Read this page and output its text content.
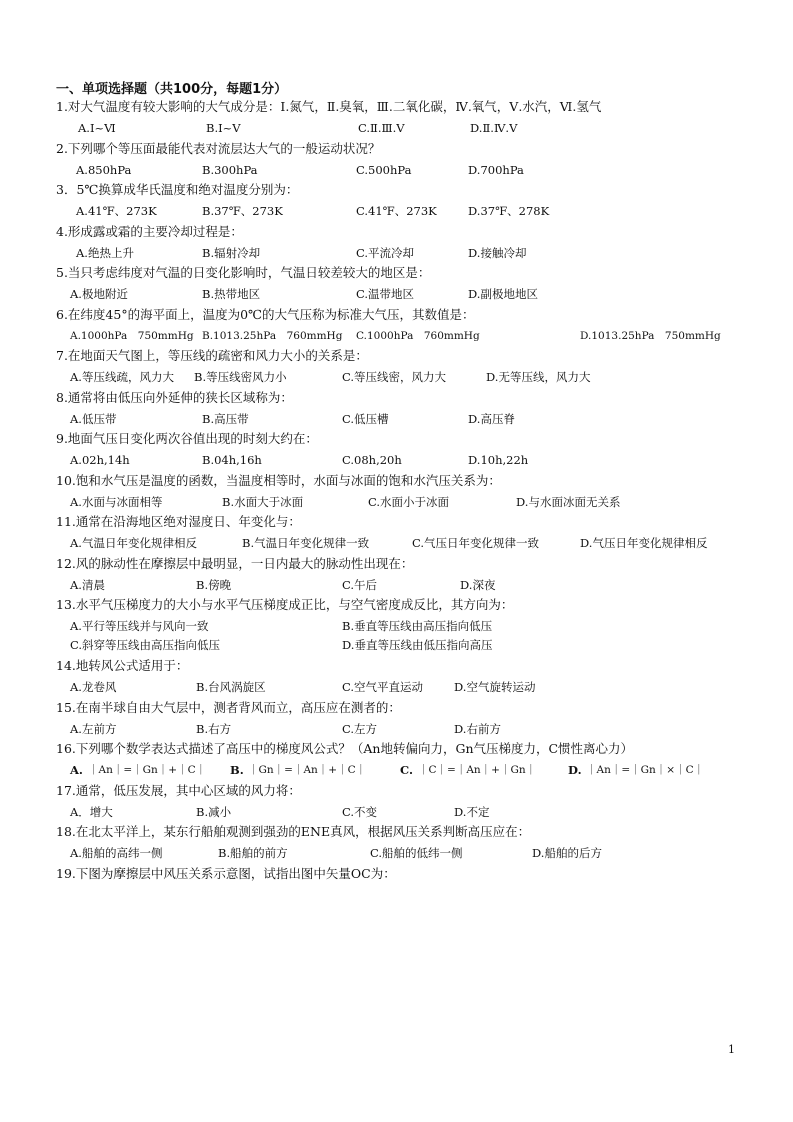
一、单项选择题（共100分，每题1分）
1.对大气温度有较大影响的大气成分是：Ⅰ.氮气，Ⅱ.臭氧，Ⅲ.二氧化碳，Ⅳ.氧气，Ⅴ.水汽，Ⅵ.氢气
A.Ⅰ~Ⅵ	B.Ⅰ~Ⅴ	C.Ⅱ.Ⅲ.Ⅴ	D.Ⅱ.Ⅳ.Ⅴ
2.下列哪个等压面最能代表对流层达大气的一般运动状况？
A.850hPa	B.300hPa	C.500hPa	D.700hPa
3．5℃换算成华氏温度和绝对温度分别为：
A.41℉、273K	B.37℉、273K	C.41℉、273K	D.37℉、278K
4.形成露或霜的主要冷却过程是：
A.绝热上升	B.辐射冷却	C.平流冷却	D.接触冷却
5.当只考虑纬度对气温的日变化影响时，气温日较差较大的地区是：
A.极地附近	B.热带地区	C.温带地区	D.副极地地区
6.在纬度45°的海平面上，温度为0℃的大气压称为标准大气压，其数值是：
A.1000hPa　750mmHg B.1013.25hPa　760mmHg C.1000hPa　760mmHg	D.1013.25hPa　750mmHg
7.在地面天气图上，等压线的疏密和风力大小的关系是：
A.等压线疏，风力大 B.等压线密风力小	C.等压线密，风力大	D.无等压线，风力大
8.通常将由低压向外延伸的狭长区域称为：
A.低压带	B.高压带	C.低压槽	D.高压脊
9.地面气压日变化两次谷值出现的时刻大约在：
A.02h,14h	B.04h,16h	C.08h,20h	D.10h,22h
10.饱和水气压是温度的函数，当温度相等时，水面与冰面的饱和水汽压关系为：
A.水面与冰面相等	B.水面大于冰面	C.水面小于冰面	D.与水面冰面无关系
11.通常在沿海地区绝对湿度日、年变化与：
A.气温日年变化规律相反	B.气温日年变化规律一致	C.气压日年变化规律一致	D.气压日年变化规律相反
12.风的脉动性在摩擦层中最明显，一日内最大的脉动性出现在：
A.清晨	B.傍晚	C.午后	D.深夜
13.水平气压梯度力的大小与水平气压梯度成正比，与空气密度成反比，其方向为：
A.平行等压线并与风向一致	B.垂直等压线由高压指向低压
C.斜穿等压线由高压指向低压	D.垂直等压线由低压指向高压
14.地转风公式适用于：
A.龙卷风	B.台风涡旋区	C.空气平直运动	D.空气旋转运动
15.在南半球自由大气层中，测者背风而立，高压应在测者的：
A.左前方	B.右方	C.左方	D.右前方
16.下列哪个数学表达式描述了高压中的梯度风公式？（An地转偏向力，Gn气压梯度力，C惯性离心力）
A. ｜An｜=｜Gn｜+｜C｜ B. ｜Gn｜=｜An｜+｜C｜	C. ｜C｜=｜An｜+｜Gn｜	D. ｜An｜=｜Gn｜×｜C｜
17.通常，低压发展，其中心区域的风力将：
A．增大	B.减小	C.不变	D.不定
18.在北太平洋上，某东行船舶观测到强劲的ENE真风，根据风压关系判断高压应在：
A.船舶的高纬一侧	B.船舶的前方	C.船舶的低纬一侧	D.船舶的后方
19.下图为摩擦层中风压关系示意图，试指出图中矢量OC为：
1
